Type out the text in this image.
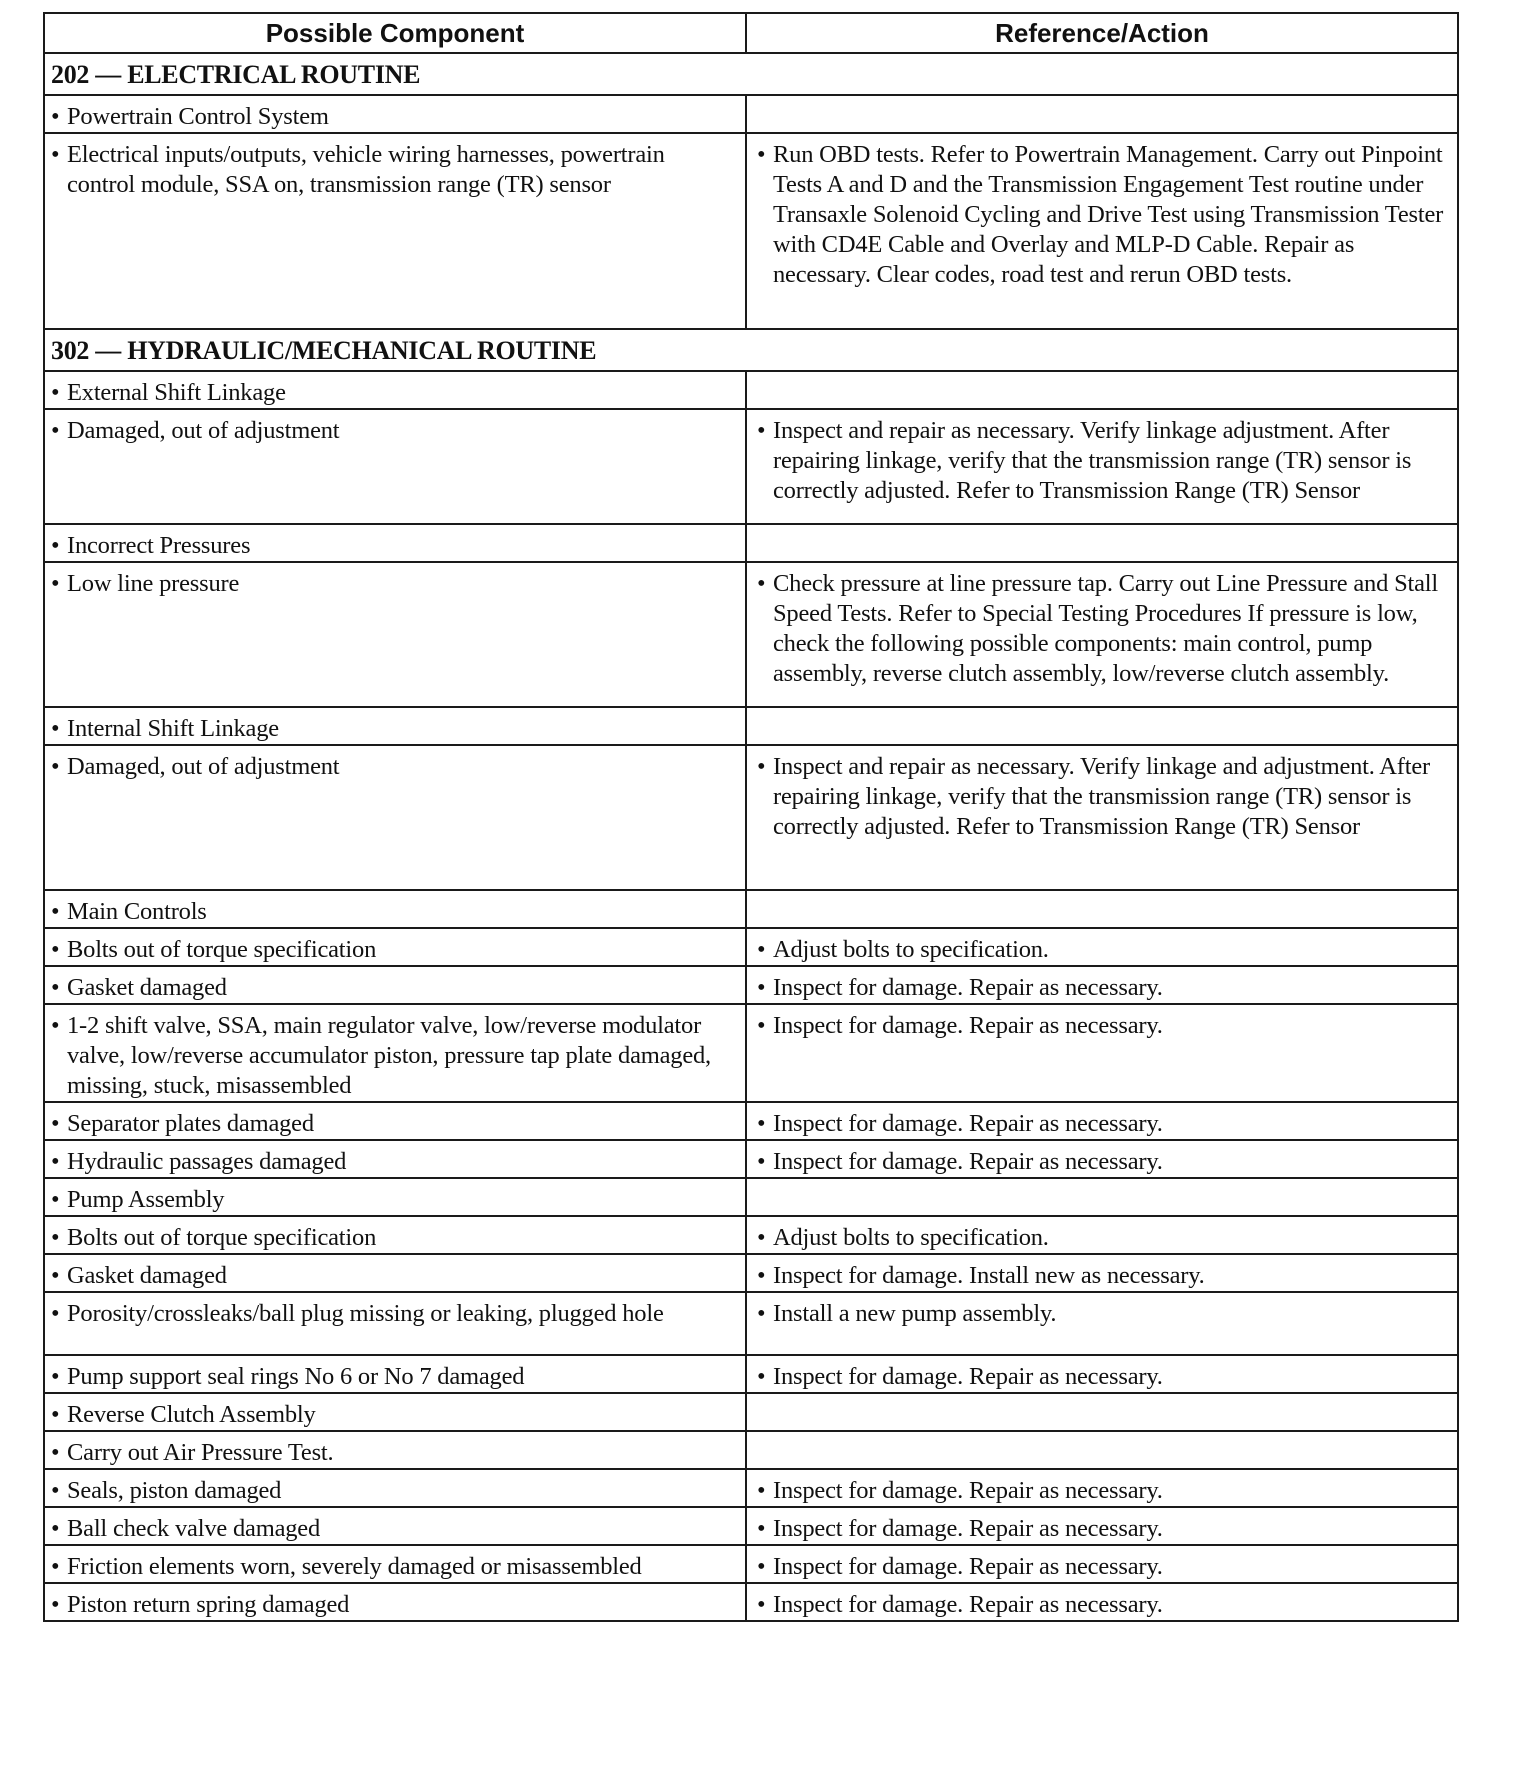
Possible Component	Reference/Action
202 — ELECTRICAL ROUTINE	

• Powertrain Control System	

• Electrical inputs/outputs, vehicle wiring harnesses, powertrain control module, SSA on, transmission range (TR) sensor	• Run OBD tests. Refer to Powertrain Management. Carry out Pinpoint Tests A and D and the Transmission Engagement Test routine under Transaxle Solenoid Cycling and Drive Test using Transmission Tester with CD4E Cable and Overlay and MLP-D Cable. Repair as necessary. Clear codes, road test and rerun OBD tests.

302 — HYDRAULIC/MECHANICAL ROUTINE	

• External Shift Linkage	

• Damaged, out of adjustment	• Inspect and repair as necessary. Verify linkage adjustment. After repairing linkage, verify that the transmission range (TR) sensor is correctly adjusted. Refer to Transmission Range (TR) Sensor

• Incorrect Pressures	

• Low line pressure	• Check pressure at line pressure tap. Carry out Line Pressure and Stall Speed Tests. Refer to Special Testing Procedures If pressure is low, check the following possible components: main control, pump assembly, reverse clutch assembly, low/reverse clutch assembly.

• Internal Shift Linkage	

• Damaged, out of adjustment	• Inspect and repair as necessary. Verify linkage and adjustment. After repairing linkage, verify that the transmission range (TR) sensor is correctly adjusted. Refer to Transmission Range (TR) Sensor

• Main Controls	

• Bolts out of torque specification	• Adjust bolts to specification.

• Gasket damaged	• Inspect for damage. Repair as necessary.

• 1-2 shift valve, SSA, main regulator valve, low/reverse modulator valve, low/reverse accumulator piston, pressure tap plate damaged, missing, stuck, misassembled	• Inspect for damage. Repair as necessary.

• Separator plates damaged	• Inspect for damage. Repair as necessary.

• Hydraulic passages damaged	• Inspect for damage. Repair as necessary.

• Pump Assembly	

• Bolts out of torque specification	• Adjust bolts to specification.

• Gasket damaged	• Inspect for damage. Install new as necessary.

• Porosity/crossleaks/ball plug missing or leaking, plugged hole	• Install a new pump assembly.

• Pump support seal rings No 6 or No 7 damaged	• Inspect for damage. Repair as necessary.

• Reverse Clutch Assembly	

• Carry out Air Pressure Test.	

• Seals, piston damaged	• Inspect for damage. Repair as necessary.

• Ball check valve damaged	• Inspect for damage. Repair as necessary.

• Friction elements worn, severely damaged or misassembled	• Inspect for damage. Repair as necessary.

• Piston return spring damaged	• Inspect for damage. Repair as necessary.
